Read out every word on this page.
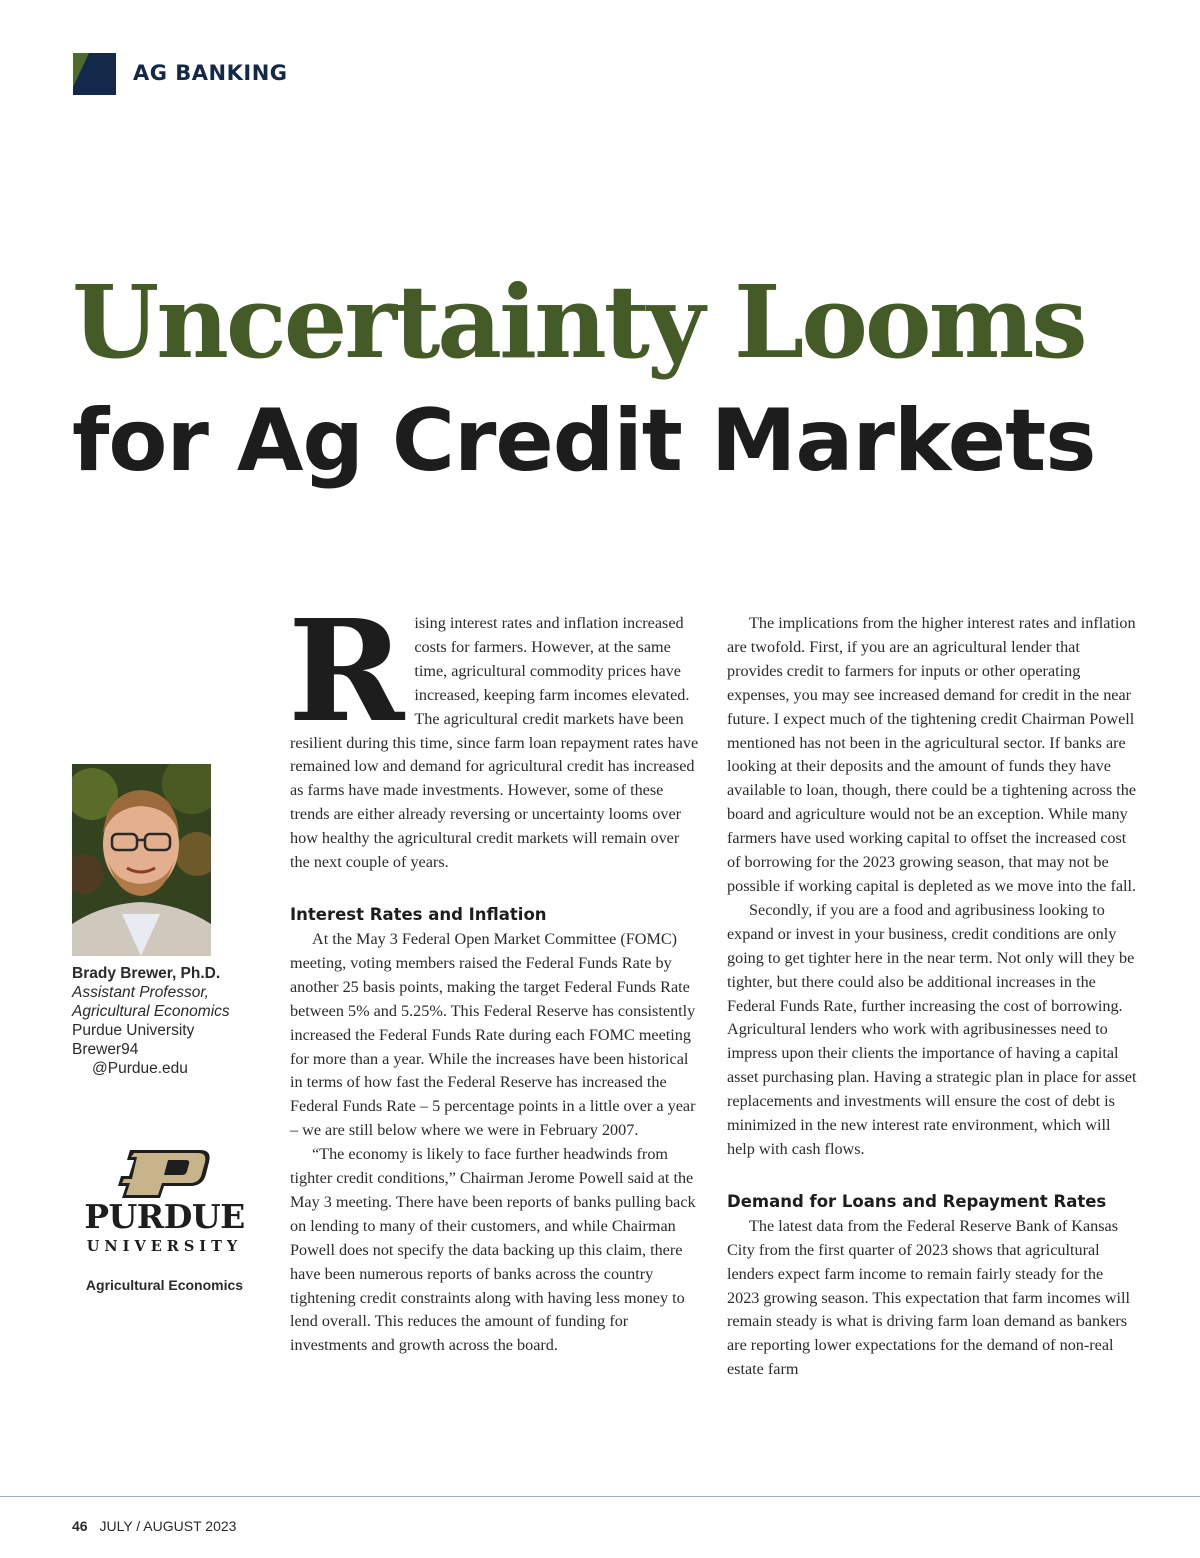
AG BANKING
Uncertainty Looms
for Ag Credit Markets
Brady Brewer, Ph.D.
Assistant Professor,
Agricultural Economics
Purdue University
Brewer94
@Purdue.edu
PURDUE
UNIVERSITY
Agricultural Economics

Rising interest rates and inflation increased costs for farmers. However, at the same time, agricultural commodity prices have increased, keeping farm incomes elevated. The agricultural credit markets have been resilient during this time, since farm loan repayment rates have remained low and demand for agricultural credit has increased as farms have made investments. However, some of these trends are either already reversing or uncertainty looms over how healthy the agricultural credit markets will remain over the next couple of years.

Interest Rates and Inflation

At the May 3 Federal Open Market Committee (FOMC) meeting, voting members raised the Federal Funds Rate by another 25 basis points, making the target Federal Funds Rate between 5% and 5.25%. This Federal Reserve has consistently increased the Federal Funds Rate during each FOMC meeting for more than a year. While the increases have been historical in terms of how fast the Federal Reserve has increased the Federal Funds Rate – 5 percentage points in a little over a year – we are still below where we were in February 2007.

“The economy is likely to face further headwinds from tighter credit conditions,” Chairman Jerome Powell said at the May 3 meeting. There have been reports of banks pulling back on lending to many of their customers, and while Chairman Powell does not specify the data backing up this claim, there have been numerous reports of banks across the country tightening credit constraints along with having less money to lend overall. This reduces the amount of funding for investments and growth across the board.

The implications from the higher interest rates and inflation are twofold. First, if you are an agricultural lender that provides credit to farmers for inputs or other operating expenses, you may see increased demand for credit in the near future. I expect much of the tightening credit Chairman Powell mentioned has not been in the agricultural sector. If banks are looking at their deposits and the amount of funds they have available to loan, though, there could be a tightening across the board and agriculture would not be an exception. While many farmers have used working capital to offset the increased cost of borrowing for the 2023 growing season, that may not be possible if working capital is depleted as we move into the fall.

Secondly, if you are a food and agribusiness looking to expand or invest in your business, credit conditions are only going to get tighter here in the near term. Not only will they be tighter, but there could also be additional increases in the Federal Funds Rate, further increasing the cost of borrowing. Agricultural lenders who work with agribusinesses need to impress upon their clients the importance of having a capital asset purchasing plan. Having a strategic plan in place for asset replacements and investments will ensure the cost of debt is minimized in the new interest rate environment, which will help with cash flows.

Demand for Loans and Repayment Rates

The latest data from the Federal Reserve Bank of Kansas City from the first quarter of 2023 shows that agricultural lenders expect farm income to remain fairly steady for the 2023 growing season. This expectation that farm incomes will remain steady is what is driving farm loan demand as bankers are reporting lower expectations for the demand of non-real estate farm

46 JULY / AUGUST 2023
